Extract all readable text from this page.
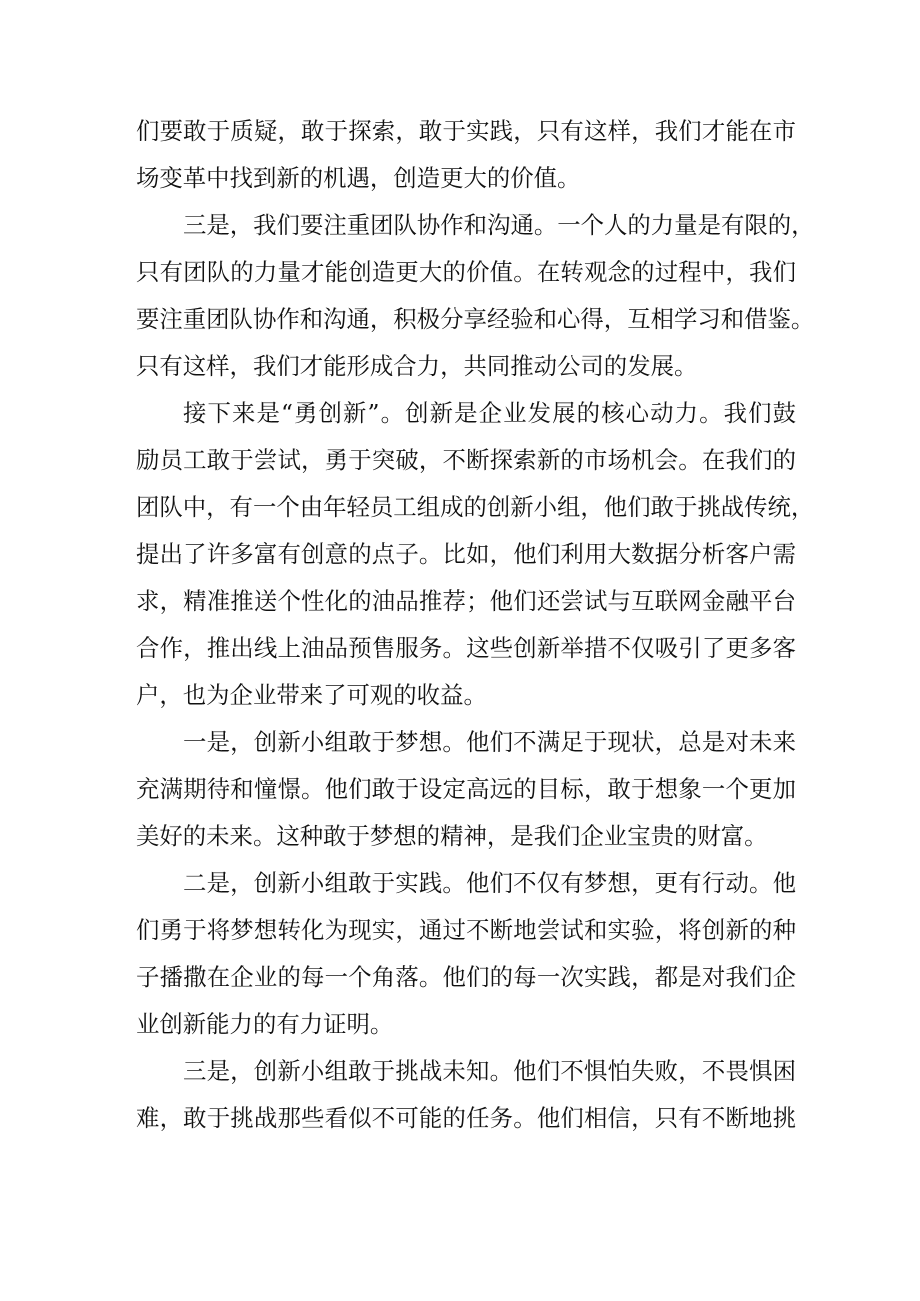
们要敢于质疑，敢于探索，敢于实践，只有这样，我们才能在市
场变革中找到新的机遇，创造更大的价值。
三是，我们要注重团队协作和沟通。一个人的力量是有限的，
只有团队的力量才能创造更大的价值。在转观念的过程中，我们
要注重团队协作和沟通，积极分享经验和心得，互相学习和借鉴。
只有这样，我们才能形成合力，共同推动公司的发展。
接下来是“勇创新”。创新是企业发展的核心动力。我们鼓
励员工敢于尝试，勇于突破，不断探索新的市场机会。在我们的
团队中，有一个由年轻员工组成的创新小组，他们敢于挑战传统，
提出了许多富有创意的点子。比如，他们利用大数据分析客户需
求，精准推送个性化的油品推荐；他们还尝试与互联网金融平台
合作，推出线上油品预售服务。这些创新举措不仅吸引了更多客
户，也为企业带来了可观的收益。
一是，创新小组敢于梦想。他们不满足于现状，总是对未来
充满期待和憧憬。他们敢于设定高远的目标，敢于想象一个更加
美好的未来。这种敢于梦想的精神，是我们企业宝贵的财富。
二是，创新小组敢于实践。他们不仅有梦想，更有行动。他
们勇于将梦想转化为现实，通过不断地尝试和实验，将创新的种
子播撒在企业的每一个角落。他们的每一次实践，都是对我们企
业创新能力的有力证明。
三是，创新小组敢于挑战未知。他们不惧怕失败，不畏惧困
难，敢于挑战那些看似不可能的任务。他们相信，只有不断地挑
